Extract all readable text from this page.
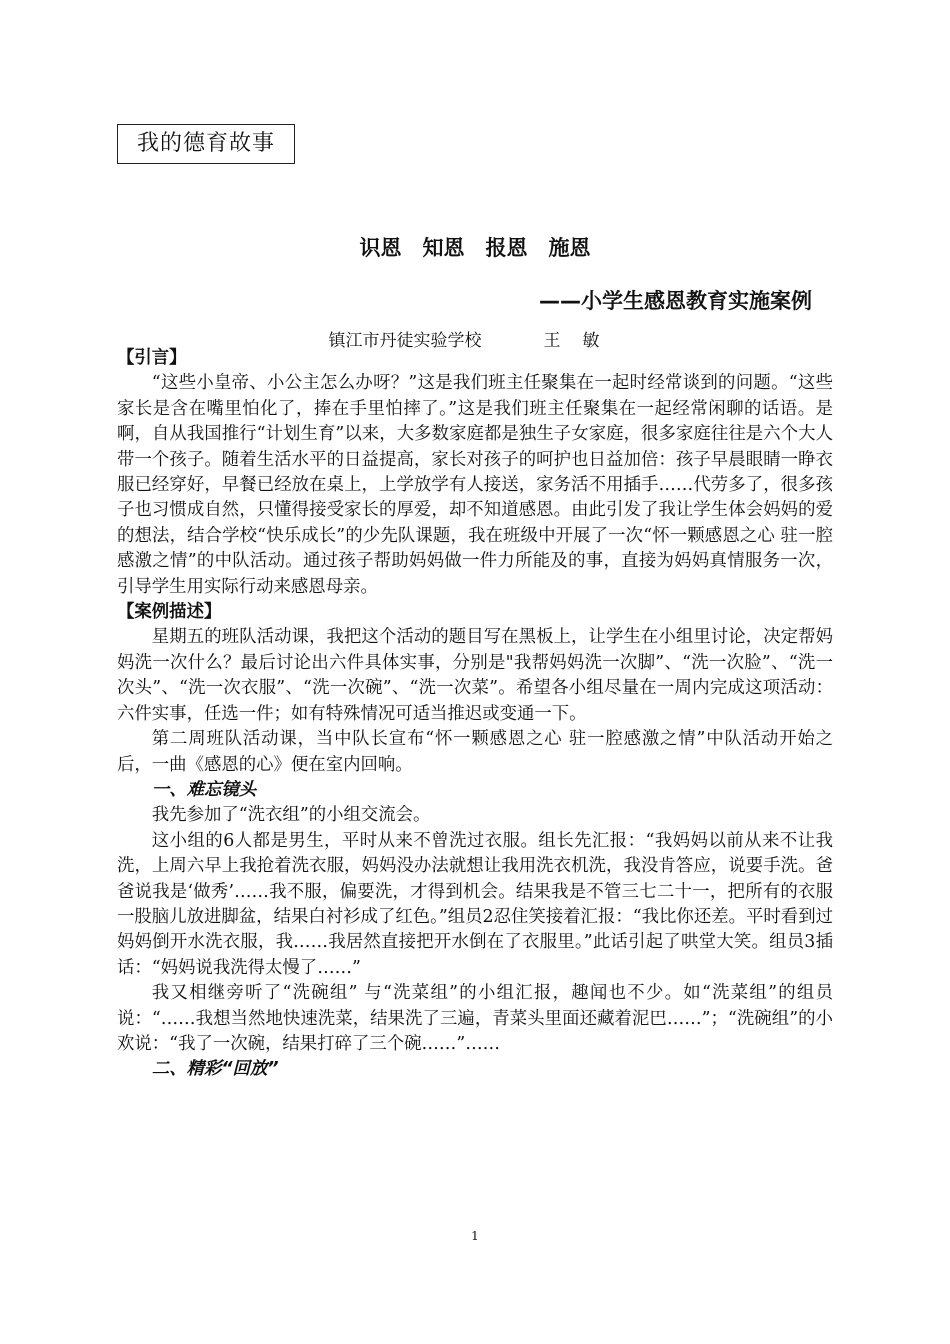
我的德育故事
识恩　知恩　报恩　施恩
——小学生感恩教育实施案例
镇江市丹徒实验学校	王敏
【引言】

“这些小皇帝、小公主怎么办呀？”这是我们班主任聚集在一起时经常谈到的问题。“这些家长是含在嘴里怕化了，捧在手里怕摔了。”这是我们班主任聚集在一起经常闲聊的话语。是啊，自从我国推行“计划生育”以来，大多数家庭都是独生子女家庭，很多家庭往往是六个大人带一个孩子。随着生活水平的日益提高，家长对孩子的呵护也日益加倍：孩子早晨眼睛一睁衣服已经穿好，早餐已经放在桌上，上学放学有人接送，家务活不用插手……代劳多了，很多孩子也习惯成自然，只懂得接受家长的厚爱，却不知道感恩。由此引发了我让学生体会妈妈的爱的想法，结合学校“快乐成长”的少先队课题，我在班级中开展了一次“怀一颗感恩之心 驻一腔感激之情”的中队活动。通过孩子帮助妈妈做一件力所能及的事，直接为妈妈真情服务一次，引导学生用实际行动来感恩母亲。

【案例描述】

星期五的班队活动课，我把这个活动的题目写在黑板上，让学生在小组里讨论，决定帮妈妈洗一次什么？最后讨论出六件具体实事，分别是"我帮妈妈洗一次脚”、“洗一次脸”、“洗一次头”、“洗一次衣服”、“洗一次碗”、“洗一次菜”。希望各小组尽量在一周内完成这项活动：六件实事，任选一件；如有特殊情况可适当推迟或变通一下。

第二周班队活动课，当中队长宣布“怀一颗感恩之心 驻一腔感激之情”中队活动开始之后，一曲《感恩的心》便在室内回响。

一、难忘镜头

我先参加了“洗衣组”的小组交流会。

这小组的6人都是男生，平时从来不曾洗过衣服。组长先汇报：“我妈妈以前从来不让我洗，上周六早上我抢着洗衣服，妈妈没办法就想让我用洗衣机洗，我没肯答应，说要手洗。爸爸说我是‘做秀’……我不服，偏要洗，才得到机会。结果我是不管三七二十一，把所有的衣服一股脑儿放进脚盆，结果白衬衫成了红色。”组员2忍住笑接着汇报：“我比你还差。平时看到过妈妈倒开水洗衣服，我……我居然直接把开水倒在了衣服里。”此话引起了哄堂大笑。组员3插话：“妈妈说我洗得太慢了……”

我又相继旁听了“洗碗组” 与“洗菜组”的小组汇报，趣闻也不少。如“洗菜组”的组员说：“……我想当然地快速洗菜，结果洗了三遍，青菜头里面还藏着泥巴……”；“洗碗组”的小欢说：“我了一次碗，结果打碎了三个碗……”……

二、精彩“回放”
1
